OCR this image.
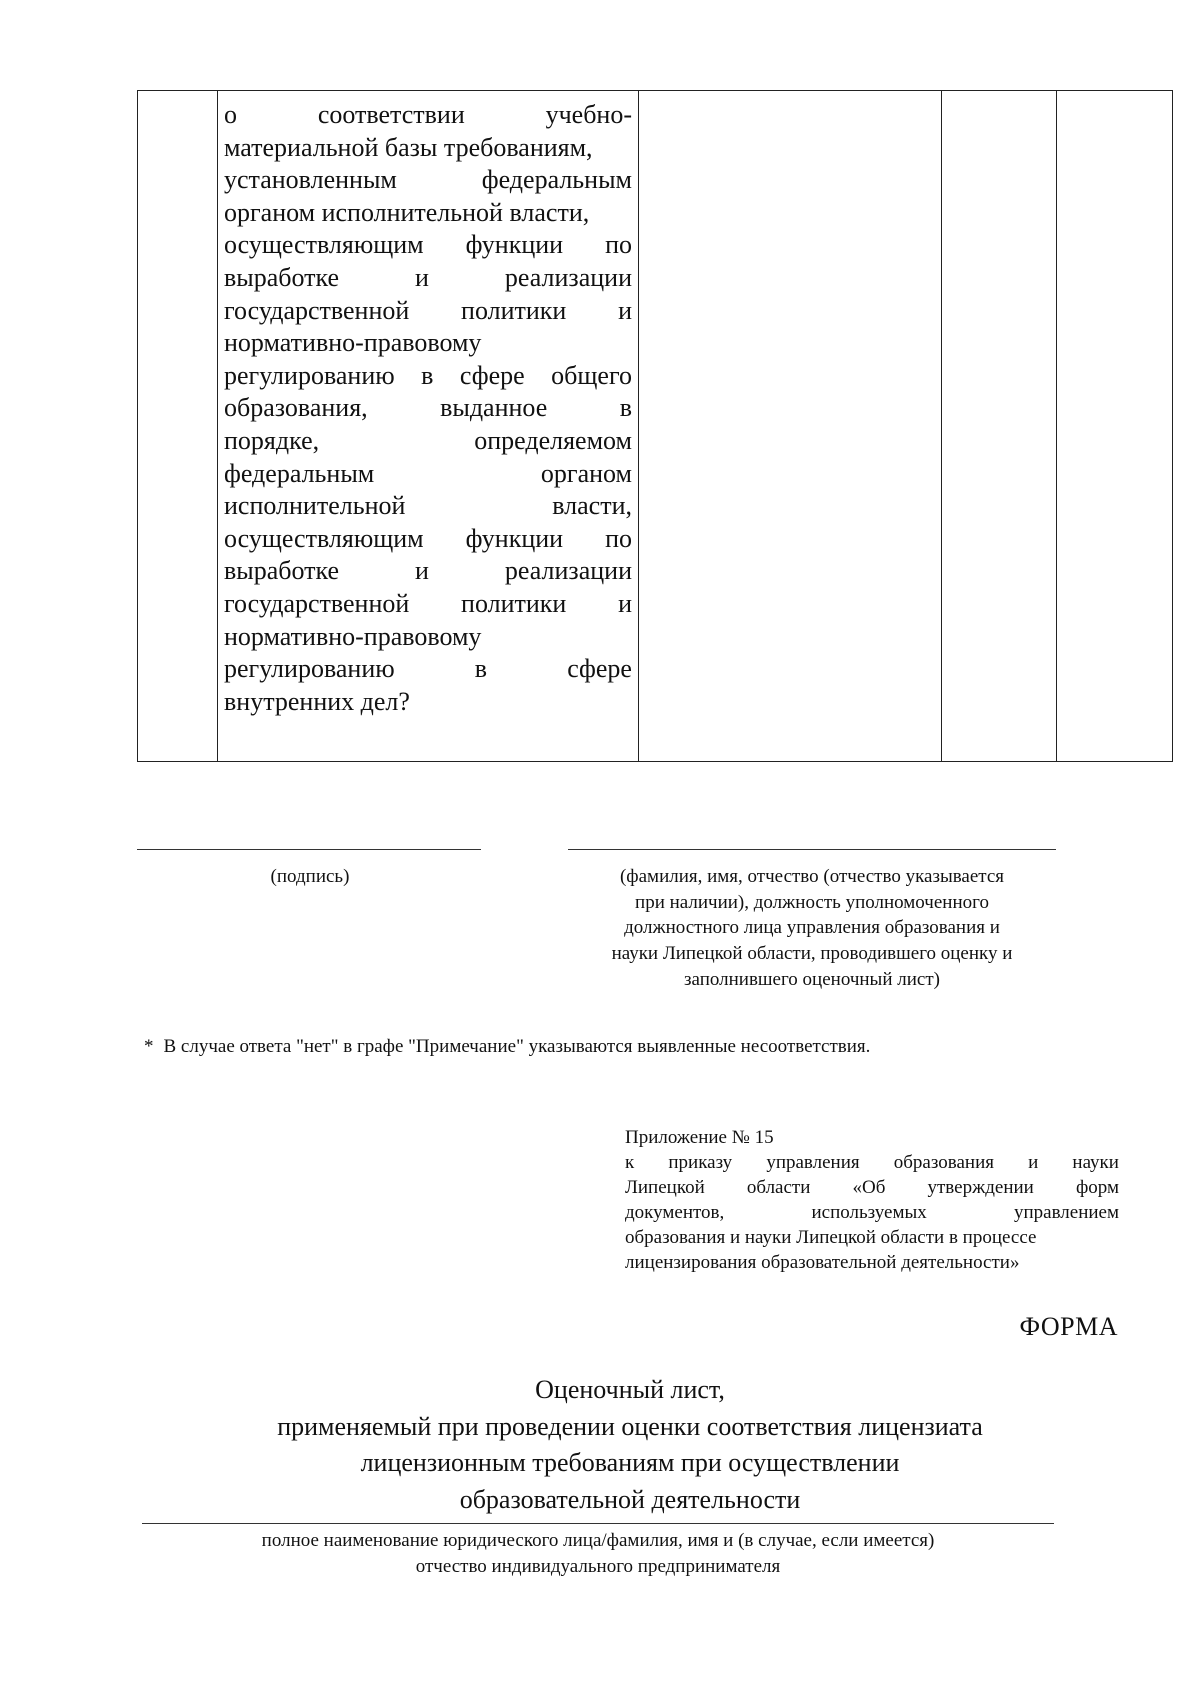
о	соответствии	учебно-
материальной базы требованиям,
установленным	федеральным
органом исполнительной власти,
осуществляющим функции по
выработке	и	реализации
государственной политики и
нормативно-правовому
регулированию в сфере общего
образования,	выданное	в
порядке,	определяемом
федеральным	органом
исполнительной	власти,
осуществляющим функции по
выработке	и	реализации
государственной политики и
нормативно-правовому
регулированию	в	сфере
внутренних дел?
(подпись)	(фамилия, имя, отчество (отчество указывается
при наличии), должность уполномоченного
должностного лица управления образования и
науки Липецкой области, проводившего оценку и
заполнившего оценочный лист)
* В случае ответа "нет" в графе "Примечание" указываются выявленные несоответствия.
Приложение № 15
к приказу управления образования и науки
Липецкой области «Об утверждении форм
документов,	используемых	управлением
образования и науки Липецкой области в процессе
лицензирования образовательной деятельности»
ФОРМА
Оценочный лист,
применяемый при проведении оценки соответствия лицензиата
лицензионным требованиям при осуществлении
образовательной деятельности
полное наименование юридического лица/фамилия, имя и (в случае, если имеется)
отчество индивидуального предпринимателя
